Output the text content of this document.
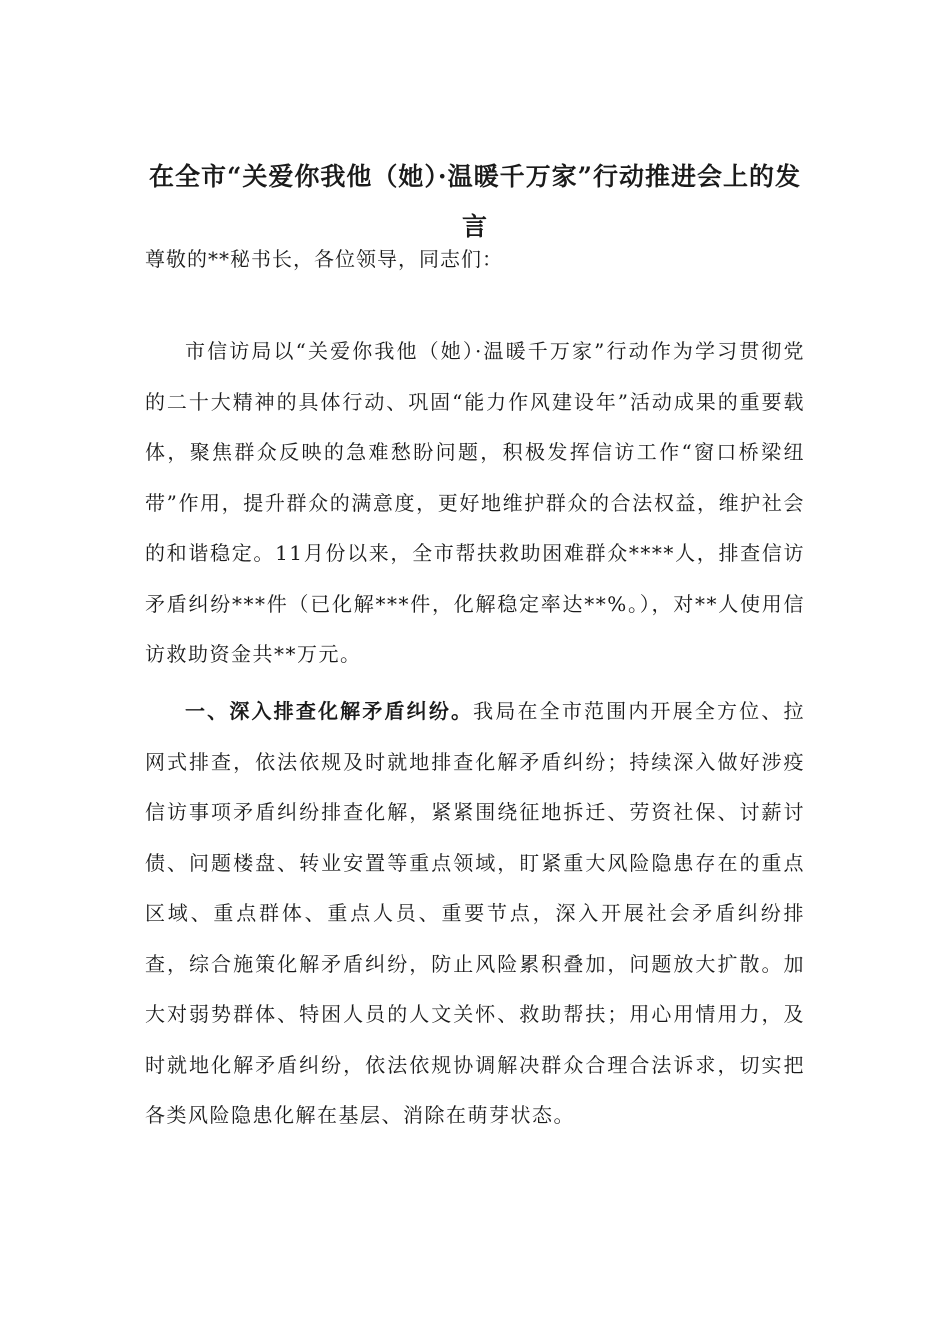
在全市“关爱你我他（她）·温暖千万家”行动推进会上的发言
尊敬的**秘书长，各位领导，同志们：

市信访局以“关爱你我他（她）·温暖千万家”行动作为学习贯彻党的二十大精神的具体行动、巩固“能力作风建设年”活动成果的重要载体，聚焦群众反映的急难愁盼问题，积极发挥信访工作“窗口桥梁纽带”作用，提升群众的满意度，更好地维护群众的合法权益，维护社会的和谐稳定。11月份以来，全市帮扶救助困难群众****人，排查信访矛盾纠纷***件（已化解***件，化解稳定率达**%。），对**人使用信访救助资金共**万元。

一、深入排查化解矛盾纠纷。我局在全市范围内开展全方位、拉网式排查，依法依规及时就地排查化解矛盾纠纷；持续深入做好涉疫信访事项矛盾纠纷排查化解，紧紧围绕征地拆迁、劳资社保、讨薪讨债、问题楼盘、转业安置等重点领域，盯紧重大风险隐患存在的重点区域、重点群体、重点人员、重要节点，深入开展社会矛盾纠纷排查，综合施策化解矛盾纠纷，防止风险累积叠加，问题放大扩散。加大对弱势群体、特困人员的人文关怀、救助帮扶；用心用情用力，及时就地化解矛盾纠纷，依法依规协调解决群众合理合法诉求，切实把各类风险隐患化解在基层、消除在萌芽状态。
